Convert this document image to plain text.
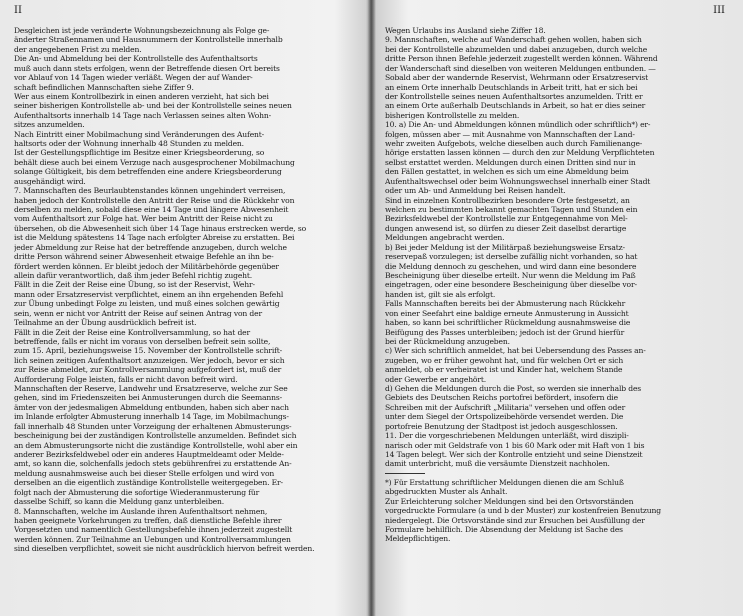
II
Desgleichen ist jede veränderte Wohnungsbezeichnung als Folge ge-
änderter Straßennamen und Hausnummern der Kontrollstelle innerhalb
der angegebenen Frist zu melden.
Die An- und Abmeldung bei der Kontrollstelle des Aufenthaltsorts
muß auch dann stets erfolgen, wenn der Betreffende diesen Ort bereits
vor Ablauf von 14 Tagen wieder verläßt. Wegen der auf Wander-
schaft befindlichen Mannschaften siehe Ziffer 9.
Wer aus einem Kontrollbezirk in einen anderen verzieht, hat sich bei
seiner bisherigen Kontrollstelle ab- und bei der Kontrollstelle seines neuen
Aufenthaltsorts innerhalb 14 Tage nach Verlassen seines alten Wohn-
sitzes anzumelden.
Nach Eintritt einer Mobilmachung sind Veränderungen des Aufent-
haltsorts oder der Wohnung innerhalb 48 Stunden zu melden.
Ist der Gestellungspflichtige im Besitze einer Kriegsbeorderung, so
behält diese auch bei einem Verzuge nach ausgesprochener Mobilmachung
solange Gültigkeit, bis dem betreffenden eine andere Kriegsbeorderung
ausgehändigt wird.
7. Mannschaften des Beurlaubtenstandes können ungehindert verreisen,
haben jedoch der Kontrollstelle den Antritt der Reise und die Rückkehr von
derselben zu melden, sobald diese eine 14 Tage und längere Abwesenheit
vom Aufenthaltsort zur Folge hat. Wer beim Antritt der Reise nicht zu
übersehen, ob die Abwesenheit sich über 14 Tage hinaus erstrecken werde, so
ist die Meldung spätestens 14 Tage nach erfolgter Abreise zu erstatten. Bei
jeder Abmeldung zur Reise hat der betreffende anzugeben, durch welche
dritte Person während seiner Abwesenheit etwaige Befehle an ihn be-
fördert werden können. Er bleibt jedoch der Militärbehörde gegenüber
allein dafür verantwortlich, daß ihm jeder Befehl richtig zugeht.
Fällt in die Zeit der Reise eine Übung, so ist der Reservist, Wehr-
mann oder Ersatzreservist verpflichtet, einem an ihn ergehenden Befehl
zur Übung unbedingt Folge zu leisten, und muß eines solchen gewärtig
sein, wenn er nicht vor Antritt der Reise auf seinen Antrag von der
Teilnahme an der Übung ausdrücklich befreit ist.
Fällt in die Zeit der Reise eine Kontrollversammlung, so hat der
betreffende, falls er nicht im voraus von derselben befreit sein sollte,
zum 15. April, beziehungsweise 15. November der Kontrollstelle schrift-
lich seinen zeitigen Aufenthaltsort anzuzeigen. Wer jedoch, bevor er sich
zur Reise abmeldet, zur Kontrollversammlung aufgefordert ist, muß der
Aufforderung Folge leisten, falls er nicht davon befreit wird.
Mannschaften der Reserve, Landwehr und Ersatzreserve, welche zur See
gehen, sind im Friedenszeiten bei Anmusterungen durch die Seemanns-
ämter von der jedesmaligen Abmeldung entbunden, haben sich aber nach
im Inlande erfolgter Abmusterung innerhalb 14 Tage, im Mobilmachungs-
fall innerhalb 48 Stunden unter Vorzeigung der erhaltenen Abmusterungs-
bescheinigung bei der zuständigen Kontrollstelle anzumelden. Befindet sich
an dem Abmusterungsorte nicht die zuständige Kontrollstelle, wohl aber ein
anderer Bezirksfeldwebel oder ein anderes Hauptmeldeamt oder Melde-
amt, so kann die, solchenfalls jedoch stets gebührenfrei zu erstattende An-
meldung ausnahmsweise auch bei dieser Stelle erfolgen und wird von
derselben an die eigentlich zuständige Kontrollstelle weitergegeben. Er-
folgt nach der Abmusterung die sofortige Wiederanmusterung für
dasselbe Schiff, so kann die Meldung ganz unterbleiben.
8. Mannschaften, welche im Auslande ihren Aufenthaltsort nehmen,
haben geeignete Vorkehrungen zu treffen, daß dienstliche Befehle ihrer
Vorgesetzten und namentlich Gestellungsbefehle ihnen jederzeit zugestellt
werden können. Zur Teilnahme an Uebungen und Kontrollversammlungen
sind dieselben verpflichtet, soweit sie nicht ausdrücklich hiervon befreit werden.
III
Wegen Urlaubs ins Ausland siehe Ziffer 18.
9. Mannschaften, welche auf Wanderschaft gehen wollen, haben sich
bei der Kontrollstelle abzumelden und dabei anzugeben, durch welche
dritte Person ihnen Befehle jederzeit zugestellt werden können. Während
der Wanderschaft sind dieselben von weiteren Meldungen entbunden. —
Sobald aber der wandernde Reservist, Wehrmann oder Ersatzreservist
an einem Orte innerhalb Deutschlands in Arbeit tritt, hat er sich bei
der Kontrollstelle seines neuen Aufenthaltsortes anzumelden. Tritt er
an einem Orte außerhalb Deutschlands in Arbeit, so hat er dies seiner
bisherigen Kontrollstelle zu melden.
10. a) Die An- und Abmeldungen können mündlich oder schriftlich*) er-
folgen, müssen aber — mit Ausnahme von Mannschaften der Land-
wehr zweiten Aufgebots, welche dieselben auch durch Familienange-
hörige erstatten lassen können — durch den zur Meldung Verpflichteten
selbst erstattet werden. Meldungen durch einen Dritten sind nur in
den Fällen gestattet, in welchen es sich um eine Abmeldung beim
Aufenthaltswechsel oder beim Wohnungswechsel innerhalb einer Stadt
oder um Ab- und Anmeldung bei Reisen handelt.
Sind in einzelnen Kontrollbezirken besondere Orte festgesetzt, an
welchen zu bestimmten bekannt gemachten Tagen und Stunden ein
Bezirksfeldwebel der Kontrollstelle zur Entgegennahme von Mel-
dungen anwesend ist, so dürfen zu dieser Zeit daselbst derartige
Meldungen angebracht werden.
b) Bei jeder Meldung ist der Militärpaß beziehungsweise Ersatz-
reservepaß vorzulegen; ist derselbe zufällig nicht vorhanden, so hat
die Meldung dennoch zu geschehen, und wird dann eine besondere
Bescheinigung über dieselbe erteilt. Nur wenn die Meldung im Paß
eingetragen, oder eine besondere Bescheinigung über dieselbe vor-
handen ist, gilt sie als erfolgt.
Falls Mannschaften bereits bei der Abmusterung nach Rückkehr
von einer Seefahrt eine baldige erneute Anmusterung in Aussicht
haben, so kann bei schriftlicher Rückmeldung ausnahmsweise die
Beifügung des Passes unterbleiben; jedoch ist der Grund hierfür
bei der Rückmeldung anzugeben.
c) Wer sich schriftlich anmeldet, hat bei Uebersendung des Passes an-
zugeben, wo er früher gewohnt hat, und für welchen Ort er sich
anmeldet, ob er verheiratet ist und Kinder hat, welchem Stande
oder Gewerbe er angehört.
d) Gehen die Meldungen durch die Post, so werden sie innerhalb des
Gebiets des Deutschen Reichs portofrei befördert, insofern die
Schreiben mit der Aufschrift „Militaria" versehen und offen oder
unter dem Siegel der Ortspolizeibehörde versendet werden. Die
portofreie Benutzung der Stadtpost ist jedoch ausgeschlossen.
11. Der die vorgeschriebenen Meldungen unterläßt, wird diszipli-
narisch oder mit Geldstrafe von 1 bis 60 Mark oder mit Haft von 1 bis
14 Tagen belegt. Wer sich der Kontrolle entzieht und seine Dienstzeit
damit unterbricht, muß die versäumte Dienstzeit nachholen.
*) Für Erstattung schriftlicher Meldungen dienen die am Schluß
abgedruckten Muster als Anhalt.
Zur Erleichterung solcher Meldungen sind bei den Ortsvorständen
vorgedruckte Formulare (a und b der Muster) zur kostenfreien Benutzung
niedergelegt. Die Ortsvorstände sind zur Ersuchen bei Ausfüllung der
Formulare behilflich. Die Absendung der Meldung ist Sache des
Meldepflichtigen.
